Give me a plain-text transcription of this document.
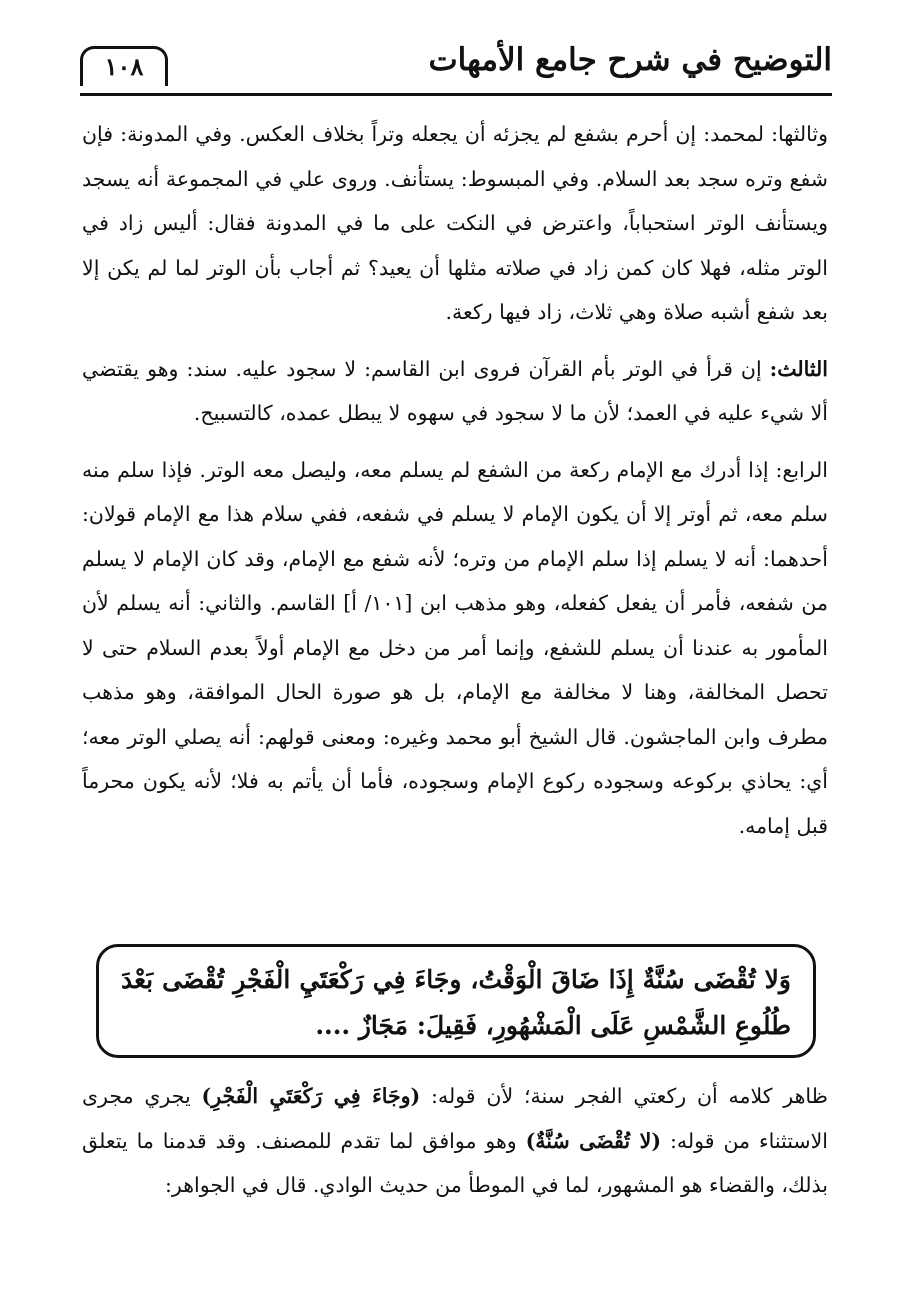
التوضيح في شرح جامع الأمهات
١٠٨

وثالثها: لمحمد: إن أحرم بشفع لم يجزئه أن يجعله وتراً بخلاف العكس. وفي المدونة: فإن شفع وتره سجد بعد السلام. وفي المبسوط: يستأنف. وروى علي في المجموعة أنه يسجد ويستأنف الوتر استحباباً، واعترض في النكت على ما في المدونة فقال: أليس زاد في الوتر مثله، فهلا كان كمن زاد في صلاته مثلها أن يعيد؟ ثم أجاب بأن الوتر لما لم يكن إلا بعد شفع أشبه صلاة وهي ثلاث، زاد فيها ركعة.

الثالث: إن قرأ في الوتر بأم القرآن فروى ابن القاسم: لا سجود عليه. سند: وهو يقتضي ألا شيء عليه في العمد؛ لأن ما لا سجود في سهوه لا يبطل عمده، كالتسبيح.

الرابع: إذا أدرك مع الإمام ركعة من الشفع لم يسلم معه، وليصل معه الوتر. فإذا سلم منه سلم معه، ثم أوتر إلا أن يكون الإمام لا يسلم في شفعه، ففي سلام هذا مع الإمام قولان: أحدهما: أنه لا يسلم إذا سلم الإمام من وتره؛ لأنه شفع مع الإمام، وقد كان الإمام لا يسلم من شفعه، فأمر أن يفعل كفعله، وهو مذهب ابن [١٠١/ أ] القاسم. والثاني: أنه يسلم لأن المأمور به عندنا أن يسلم للشفع، وإنما أمر من دخل مع الإمام أولاً بعدم السلام حتى لا تحصل المخالفة، وهنا لا مخالفة مع الإمام، بل هو صورة الحال الموافقة، وهو مذهب مطرف وابن الماجشون. قال الشيخ أبو محمد وغيره: ومعنى قولهم: أنه يصلي الوتر معه؛ أي: يحاذي بركوعه وسجوده ركوع الإمام وسجوده، فأما أن يأتم به فلا؛ لأنه يكون محرماً قبل إمامه.

وَلا تُقْضَى سُنَّةٌ إِذَا ضَاقَ الْوَقْتُ، وجَاءَ فِي رَكْعَتَيِ الْفَجْرِ تُقْضَى بَعْدَ طُلُوعِ الشَّمْسِ عَلَى الْمَشْهُورِ، فَقِيلَ: مَجَازٌ ....

ظاهر كلامه أن ركعتي الفجر سنة؛ لأن قوله: (وجَاءَ فِي رَكْعَتَيِ الْفَجْرِ) يجري مجرى الاستثناء من قوله: (لا تُقْضَى سُنَّةٌ) وهو موافق لما تقدم للمصنف. وقد قدمنا ما يتعلق بذلك، والقضاء هو المشهور، لما في الموطأ من حديث الوادي. قال في الجواهر:
